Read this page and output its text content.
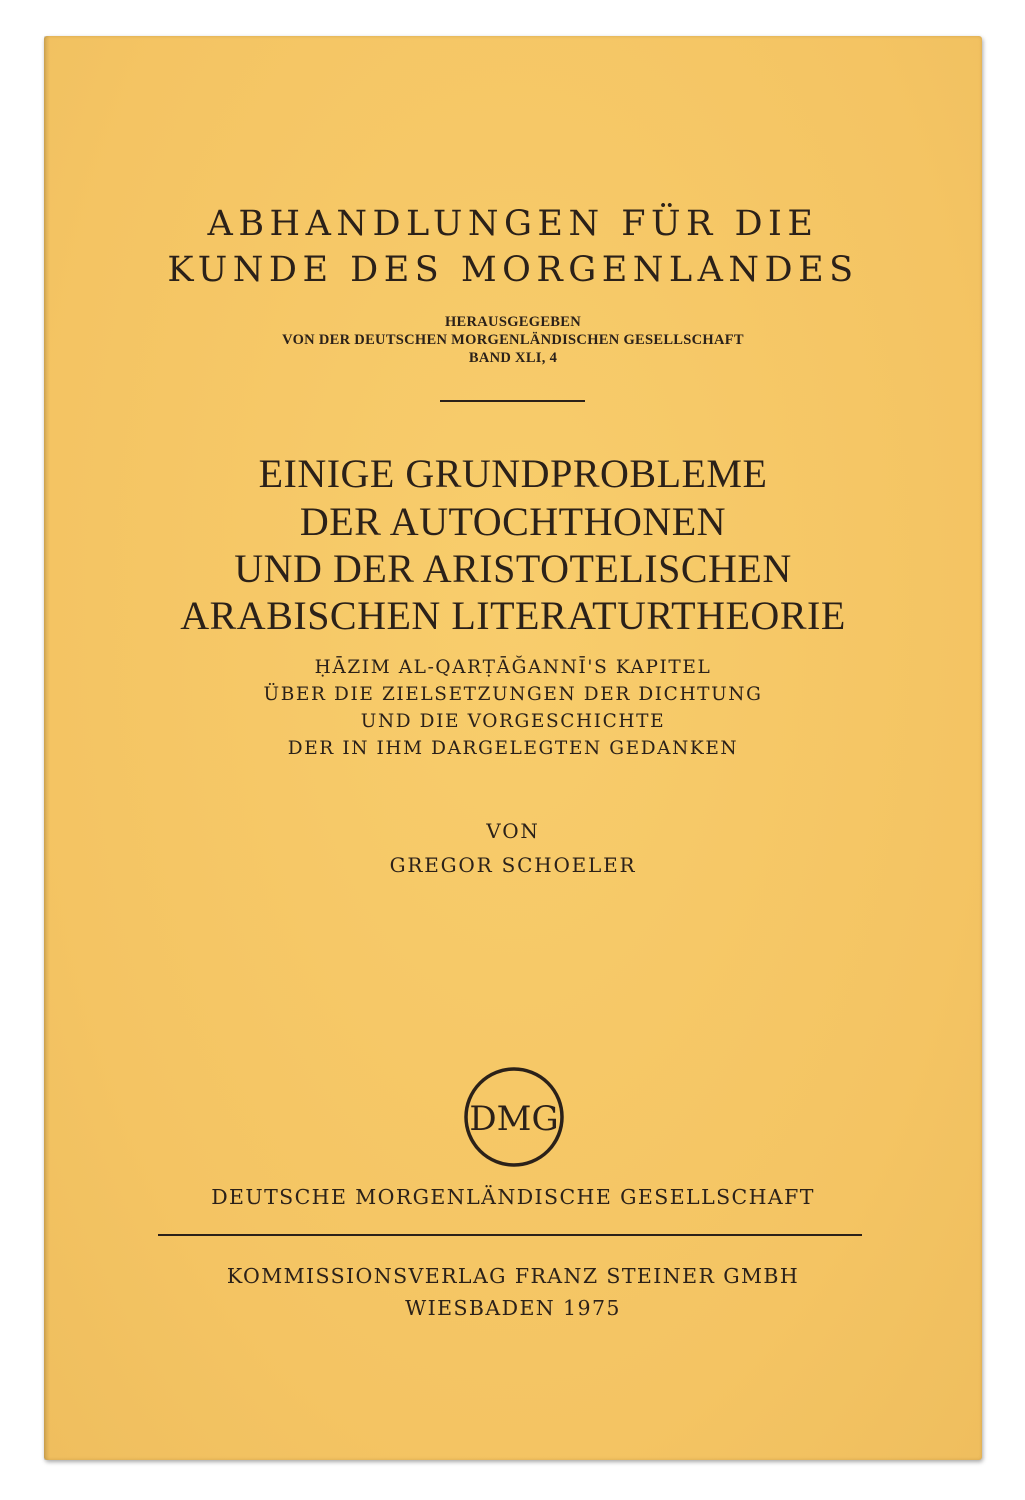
ABHANDLUNGEN FÜR DIE
KUNDE DES MORGENLANDES
HERAUSGEGEBEN
VON DER DEUTSCHEN MORGENLÄNDISCHEN GESELLSCHAFT
BAND XLI, 4
EINIGE GRUNDPROBLEME
DER AUTOCHTHONEN
UND DER ARISTOTELISCHEN
ARABISCHEN LITERATURTHEORIE
ḤĀZIM AL-QARṬĀĞANNĪ'S KAPITEL
ÜBER DIE ZIELSETZUNGEN DER DICHTUNG
UND DIE VORGESCHICHTE
DER IN IHM DARGELEGTEN GEDANKEN
VON
GREGOR SCHOELER
DMG
DEUTSCHE MORGENLÄNDISCHE GESELLSCHAFT
KOMMISSIONSVERLAG FRANZ STEINER GMBH
WIESBADEN 1975
